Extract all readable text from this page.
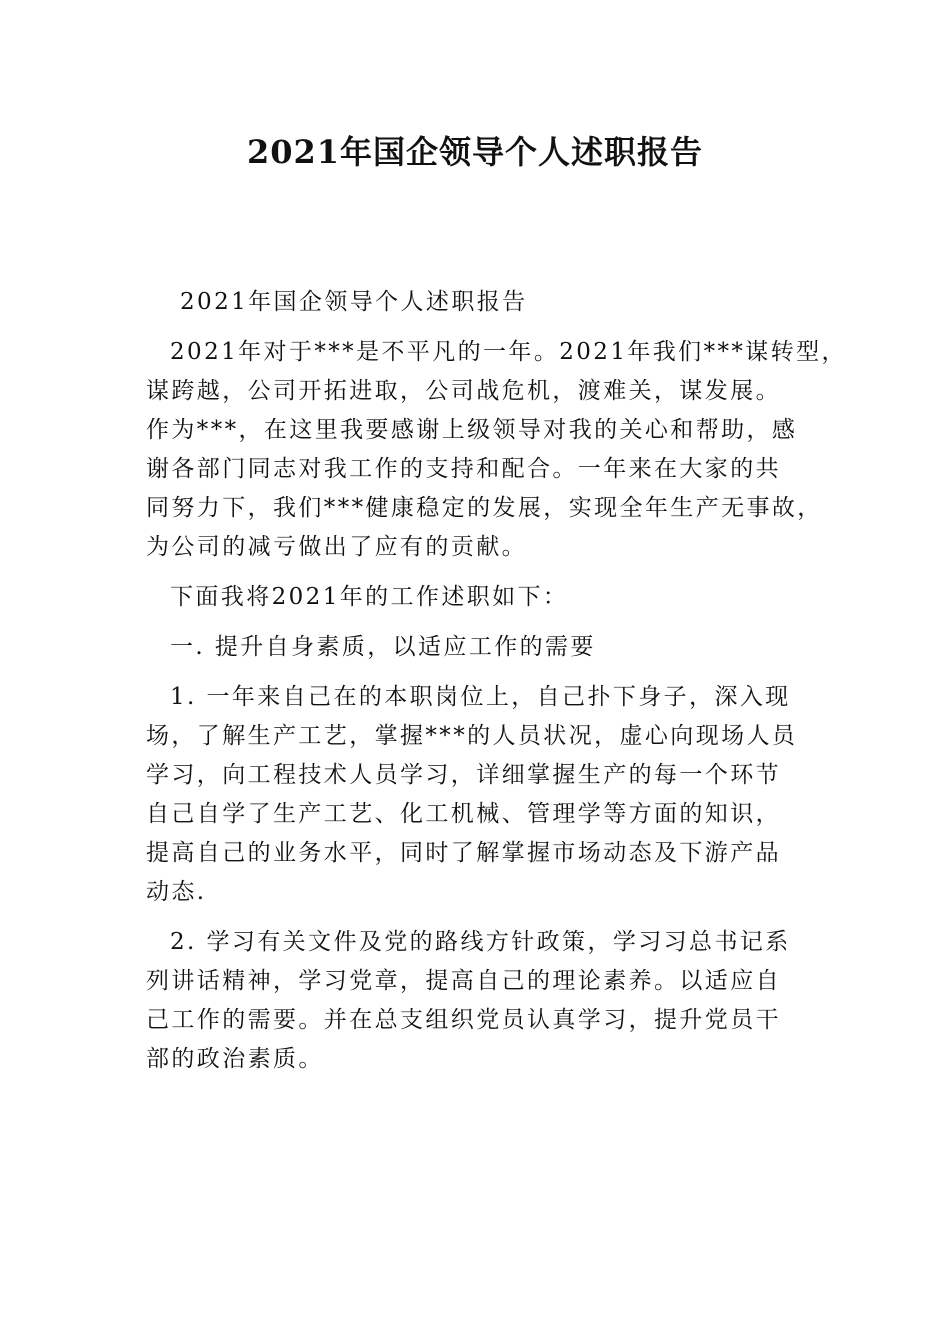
2021年国企领导个人述职报告
2021年国企领导个人述职报告
2021年对于***是不平凡的一年。2021年我们***谋转型，
谋跨越，公司开拓进取，公司战危机，渡难关，谋发展。
作为***，在这里我要感谢上级领导对我的关心和帮助，感
谢各部门同志对我工作的支持和配合。一年来在大家的共
同努力下，我们***健康稳定的发展，实现全年生产无事故，
为公司的减亏做出了应有的贡献。
下面我将2021年的工作述职如下：
一. 提升自身素质，以适应工作的需要
1. 一年来自己在的本职岗位上，自己扑下身子，深入现
场，了解生产工艺，掌握***的人员状况，虚心向现场人员
学习，向工程技术人员学习，详细掌握生产的每一个环节
自己自学了生产工艺、化工机械、管理学等方面的知识，
提高自己的业务水平，同时了解掌握市场动态及下游产品
动态.
2. 学习有关文件及党的路线方针政策，学习习总书记系
列讲话精神，学习党章，提高自己的理论素养。以适应自
己工作的需要。并在总支组织党员认真学习，提升党员干
部的政治素质。
